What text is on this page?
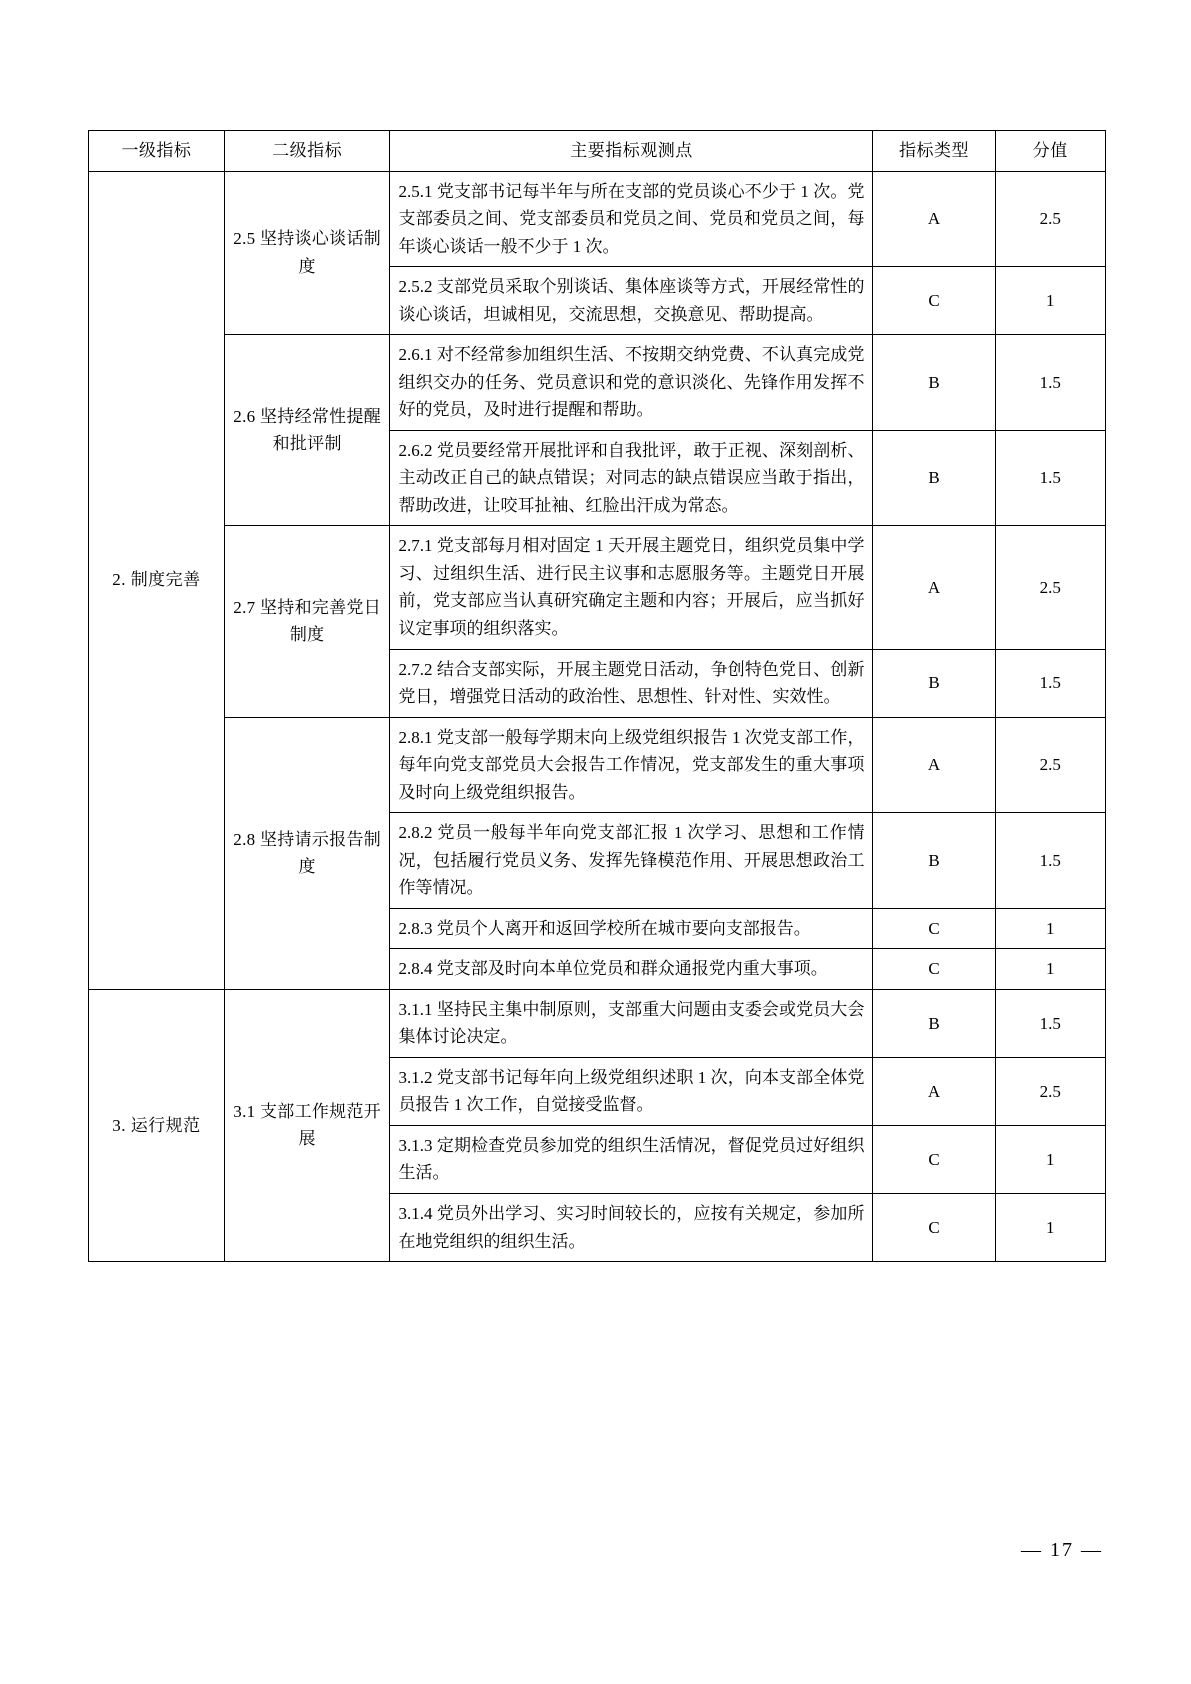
一级指标	二级指标	主要指标观测点	指标类型	分值
2. 制度完善	2.5 坚持谈心谈话制度	2.5.1 党支部书记每半年与所在支部的党员谈心不少于 1 次。党支部委员之间、党支部委员和党员之间、党员和党员之间，每年谈心谈话一般不少于 1 次。	A	2.5
		2.5.2 支部党员采取个别谈话、集体座谈等方式，开展经常性的谈心谈话，坦诚相见，交流思想，交换意见、帮助提高。	C	1
	2.6 坚持经常性提醒和批评制	2.6.1 对不经常参加组织生活、不按期交纳党费、不认真完成党组织交办的任务、党员意识和党的意识淡化、先锋作用发挥不好的党员，及时进行提醒和帮助。	B	1.5
		2.6.2 党员要经常开展批评和自我批评，敢于正视、深刻剖析、主动改正自己的缺点错误；对同志的缺点错误应当敢于指出，帮助改进，让咬耳扯袖、红脸出汗成为常态。	B	1.5
	2.7 坚持和完善党日制度	2.7.1 党支部每月相对固定 1 天开展主题党日，组织党员集中学习、过组织生活、进行民主议事和志愿服务等。主题党日开展前，党支部应当认真研究确定主题和内容；开展后，应当抓好议定事项的组织落实。	A	2.5
		2.7.2 结合支部实际，开展主题党日活动，争创特色党日、创新党日，增强党日活动的政治性、思想性、针对性、实效性。	B	1.5
	2.8 坚持请示报告制度	2.8.1 党支部一般每学期末向上级党组织报告 1 次党支部工作，每年向党支部党员大会报告工作情况，党支部发生的重大事项及时向上级党组织报告。	A	2.5
		2.8.2 党员一般每半年向党支部汇报 1 次学习、思想和工作情况，包括履行党员义务、发挥先锋模范作用、开展思想政治工作等情况。	B	1.5
		2.8.3 党员个人离开和返回学校所在城市要向支部报告。	C	1
		2.8.4 党支部及时向本单位党员和群众通报党内重大事项。	C	1
3. 运行规范	3.1 支部工作规范开展	3.1.1 坚持民主集中制原则，支部重大问题由支委会或党员大会集体讨论决定。	B	1.5
		3.1.2 党支部书记每年向上级党组织述职 1 次，向本支部全体党员报告 1 次工作，自觉接受监督。	A	2.5
		3.1.3 定期检查党员参加党的组织生活情况，督促党员过好组织生活。	C	1
		3.1.4 党员外出学习、实习时间较长的，应按有关规定，参加所在地党组织的组织生活。	C	1
— 17 —
